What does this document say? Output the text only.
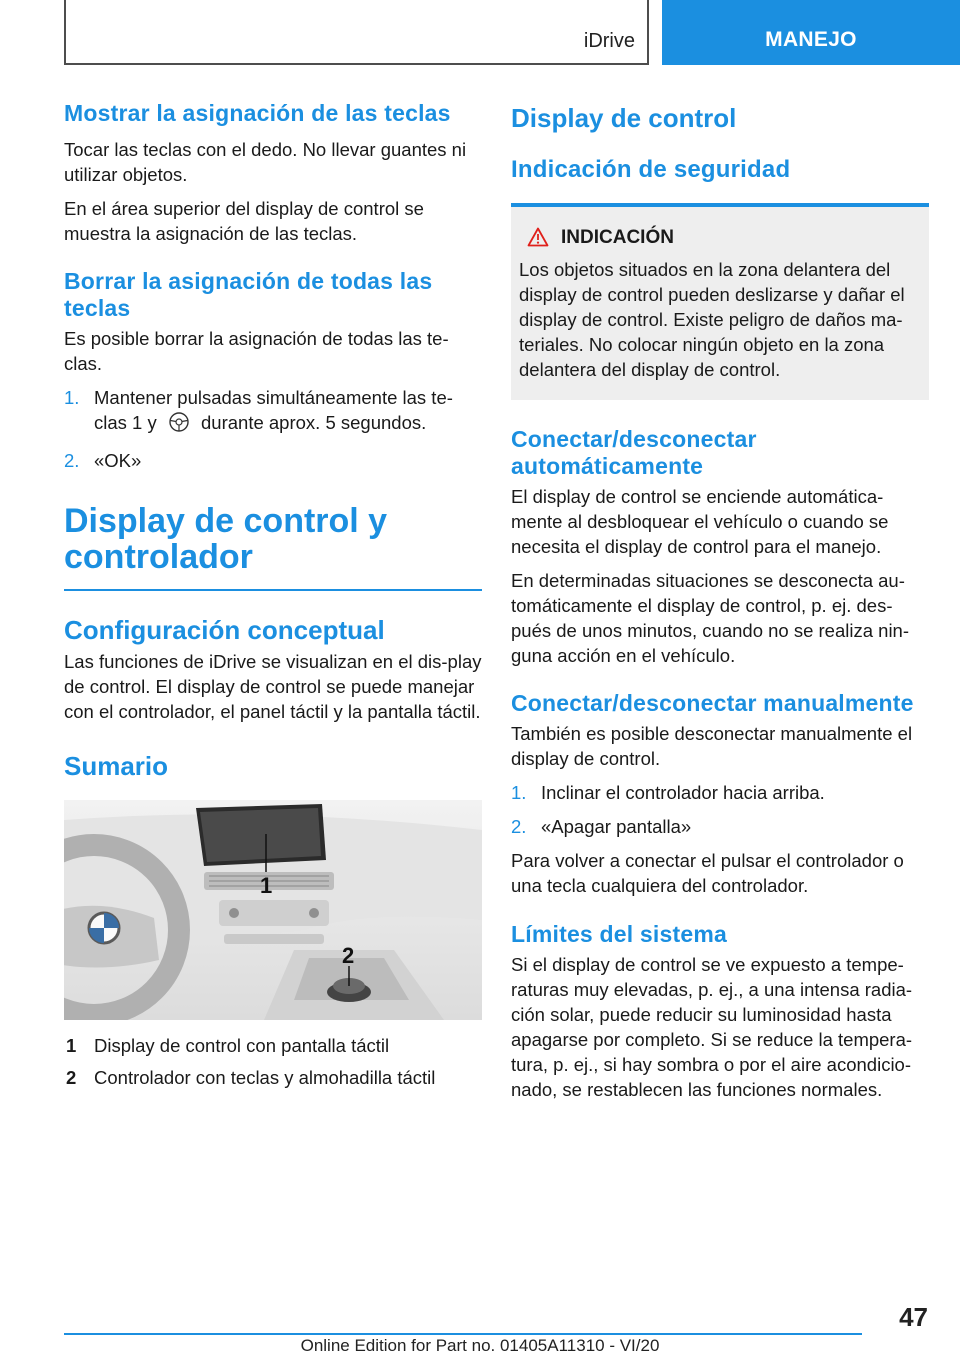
iDrive	MANEJO
Mostrar la asignación de las teclas
Tocar las teclas con el dedo. No llevar guantes ni utilizar objetos.
En el área superior del display de control se muestra la asignación de las teclas.
Borrar la asignación de todas las teclas
Es posible borrar la asignación de todas las te-clas.
1. Mantener pulsadas simultáneamente las te-clas 1 y durante aprox. 5 segundos.
2. «OK»
Display de control y controlador
Configuración conceptual
Las funciones de iDrive se visualizan en el dis-play de control. El display de control se puede manejar con el controlador, el panel táctil y la pantalla táctil.
Sumario
1
2
1 Display de control con pantalla táctil
2 Controlador con teclas y almohadilla táctil
Display de control
Indicación de seguridad
INDICACIÓN
Los objetos situados en la zona delantera del display de control pueden deslizarse y dañar el display de control. Existe peligro de daños ma-teriales. No colocar ningún objeto en la zona delantera del display de control.
Conectar/desconectar automáticamente
El display de control se enciende automática-mente al desbloquear el vehículo o cuando se necesita el display de control para el manejo.
En determinadas situaciones se desconecta au-tomáticamente el display de control, p. ej. des-pués de unos minutos, cuando no se realiza nin-guna acción en el vehículo.
Conectar/desconectar manualmente
También es posible desconectar manualmente el display de control.
1. Inclinar el controlador hacia arriba.
2. «Apagar pantalla»
Para volver a conectar el pulsar el controlador o una tecla cualquiera del controlador.
Límites del sistema
Si el display de control se ve expuesto a tempe-raturas muy elevadas, p. ej., a una intensa radia-ción solar, puede reducir su luminosidad hasta apagarse por completo. Si se reduce la tempera-tura, p. ej., si hay sombra o por el aire acondicio-nado, se restablecen las funciones normales.
47
Online Edition for Part no. 01405A11310 - VI/20
